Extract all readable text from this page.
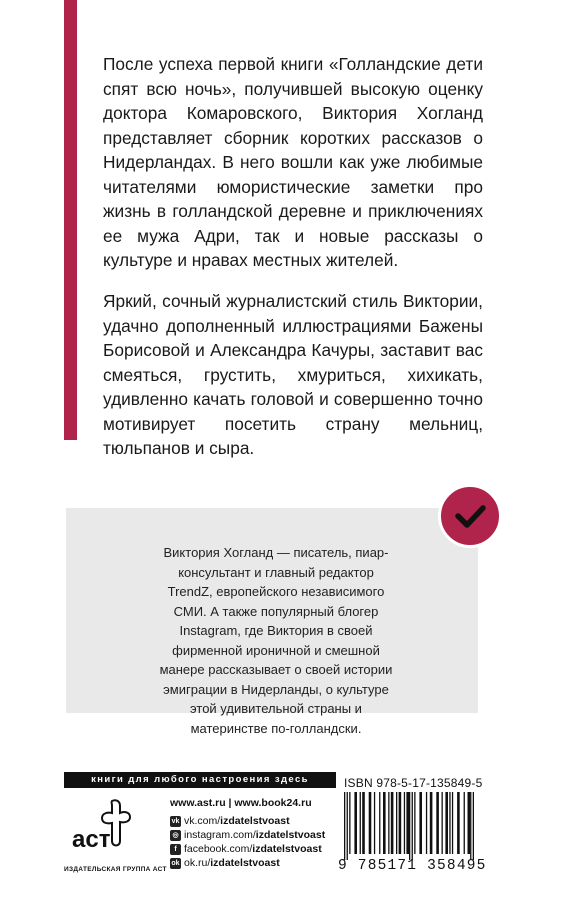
После успеха первой книги «Голландские дети спят всю ночь», получившей высокую оценку доктора Комаровского, Виктория Хогланд представляет сборник коротких рассказов о Нидерландах. В него вошли как уже любимые читателями юмористические заметки про жизнь в голландской деревне и приключениях ее мужа Адри, так и новые рассказы о культуре и нравах местных жителей.

Яркий, сочный журналистский стиль Виктории, удачно дополненный иллюстрациями Бажены Борисовой и Александра Качуры, заставит вас смеяться, грустить, хмуриться, хихикать, удивленно качать головой и совершенно точно мотивирует посетить страну мельниц, тюльпанов и сыра.

Виктория Хогланд — писатель, пиар-консультант и главный редактор TrendZ, европейского независимого СМИ. А также популярный блогер Instagram, где Виктория в своей фирменной ироничной и смешной манере рассказывает о своей истории эмиграции в Нидерланды, о культуре этой удивительной страны и материнстве по-голландски.

книги для любого настроения здесь
аст
ИЗДАТЕЛЬСКАЯ ГРУППА АСТ
www.ast.ru | www.book24.ru
vk vk.com/izdatelstvoast
◎ instagram.com/izdatelstvoast
f facebook.com/izdatelstvoast
ok ok.ru/izdatelstvoast
ISBN 978-5-17-135849-5
9 785171 358495
